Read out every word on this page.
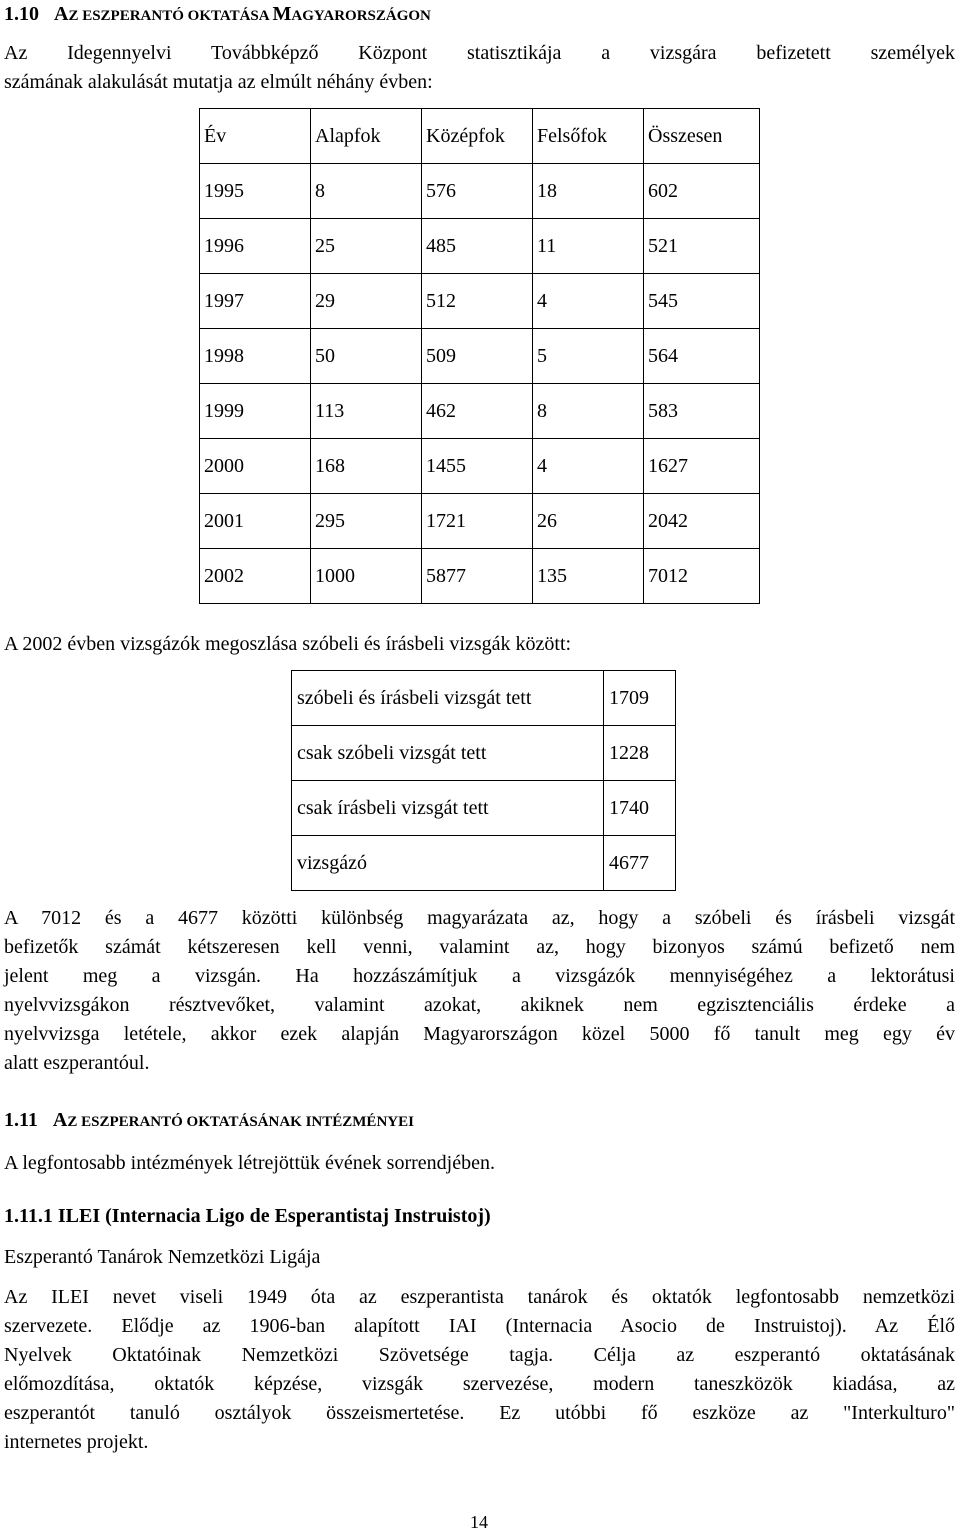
1.10 AZ ESZPERANTÓ OKTATÁSA MAGYARORSZÁGON
Az Idegennyelvi Továbbképző Központ statisztikája a vizsgára befizetett személyek
számának alakulását mutatja az elmúlt néhány évben:
Év	Alapfok	Középfok	Felsőfok	Összesen
1995	8	576	18	602
1996	25	485	11	521
1997	29	512	4	545
1998	50	509	5	564
1999	113	462	8	583
2000	168	1455	4	1627
2001	295	1721	26	2042
2002	1000	5877	135	7012
A 2002 évben vizsgázók megoszlása szóbeli és írásbeli vizsgák között:
szóbeli és írásbeli vizsgát tett	1709
csak szóbeli vizsgát tett	1228
csak írásbeli vizsgát tett	1740
vizsgázó	4677
A 7012 és a 4677 közötti különbség magyarázata az, hogy a szóbeli és írásbeli vizsgát
befizetők számát kétszeresen kell venni, valamint az, hogy bizonyos számú befizető nem
jelent meg a vizsgán. Ha hozzászámítjuk a vizsgázók mennyiségéhez a lektorátusi
nyelvvizsgákon résztvevőket, valamint azokat, akiknek nem egzisztenciális érdeke a
nyelvvizsga letétele, akkor ezek alapján Magyarországon közel 5000 fő tanult meg egy év
alatt eszperantóul.
1.11 AZ ESZPERANTÓ OKTATÁSÁNAK INTÉZMÉNYEI
A legfontosabb intézmények létrejöttük évének sorrendjében.
1.11.1 ILEI (Internacia Ligo de Esperantistaj Instruistoj)
Eszperantó Tanárok Nemzetközi Ligája
Az ILEI nevet viseli 1949 óta az eszperantista tanárok és oktatók legfontosabb nemzetközi
szervezete. Elődje az 1906-ban alapított IAI (Internacia Asocio de Instruistoj). Az Élő
Nyelvek Oktatóinak Nemzetközi Szövetsége tagja. Célja az eszperantó oktatásának
előmozdítása, oktatók képzése, vizsgák szervezése, modern taneszközök kiadása, az
eszperantót tanuló osztályok összeismertetése. Ez utóbbi fő eszköze az "Interkulturo"
internetes projekt.
14
